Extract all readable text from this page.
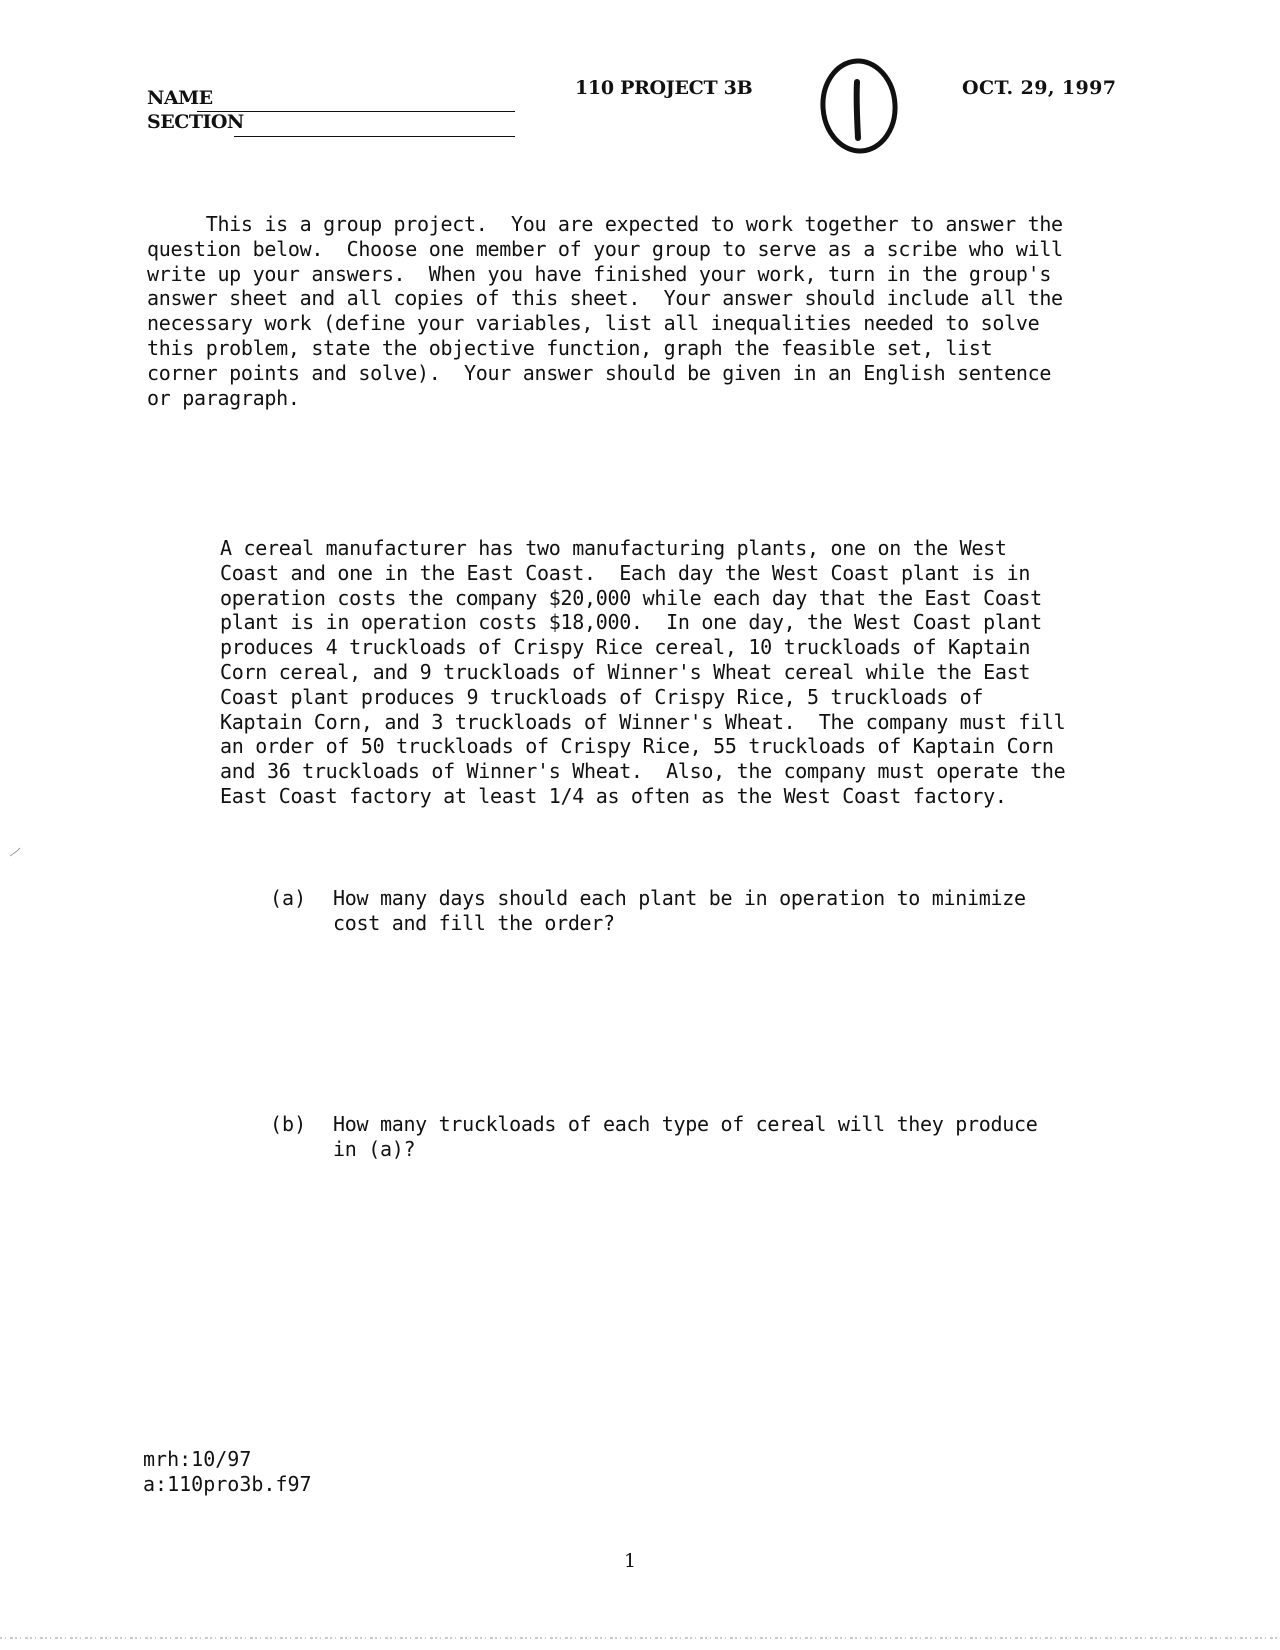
NAME
SECTION
110 PROJECT 3B	OCT. 29, 1997
This is a group project.  You are expected to work together to answer the
question below.  Choose one member of your group to serve as a scribe who will
write up your answers.  When you have finished your work, turn in the group's
answer sheet and all copies of this sheet.  Your answer should include all the
necessary work (define your variables, list all inequalities needed to solve
this problem, state the objective function, graph the feasible set, list
corner points and solve).  Your answer should be given in an English sentence
or paragraph.
A cereal manufacturer has two manufacturing plants, one on the West
Coast and one in the East Coast.  Each day the West Coast plant is in
operation costs the company $20,000 while each day that the East Coast
plant is in operation costs $18,000.  In one day, the West Coast plant
produces 4 truckloads of Crispy Rice cereal, 10 truckloads of Kaptain
Corn cereal, and 9 truckloads of Winner's Wheat cereal while the East
Coast plant produces 9 truckloads of Crispy Rice, 5 truckloads of
Kaptain Corn, and 3 truckloads of Winner's Wheat.  The company must fill
an order of 50 truckloads of Crispy Rice, 55 truckloads of Kaptain Corn
and 36 truckloads of Winner's Wheat.  Also, the company must operate the
East Coast factory at least 1/4 as often as the West Coast factory.
(a) How many days should each plant be in operation to minimize
cost and fill the order?
(b) How many truckloads of each type of cereal will they produce
in (a)?
mrh:10/97
a:110pro3b.f97
1
